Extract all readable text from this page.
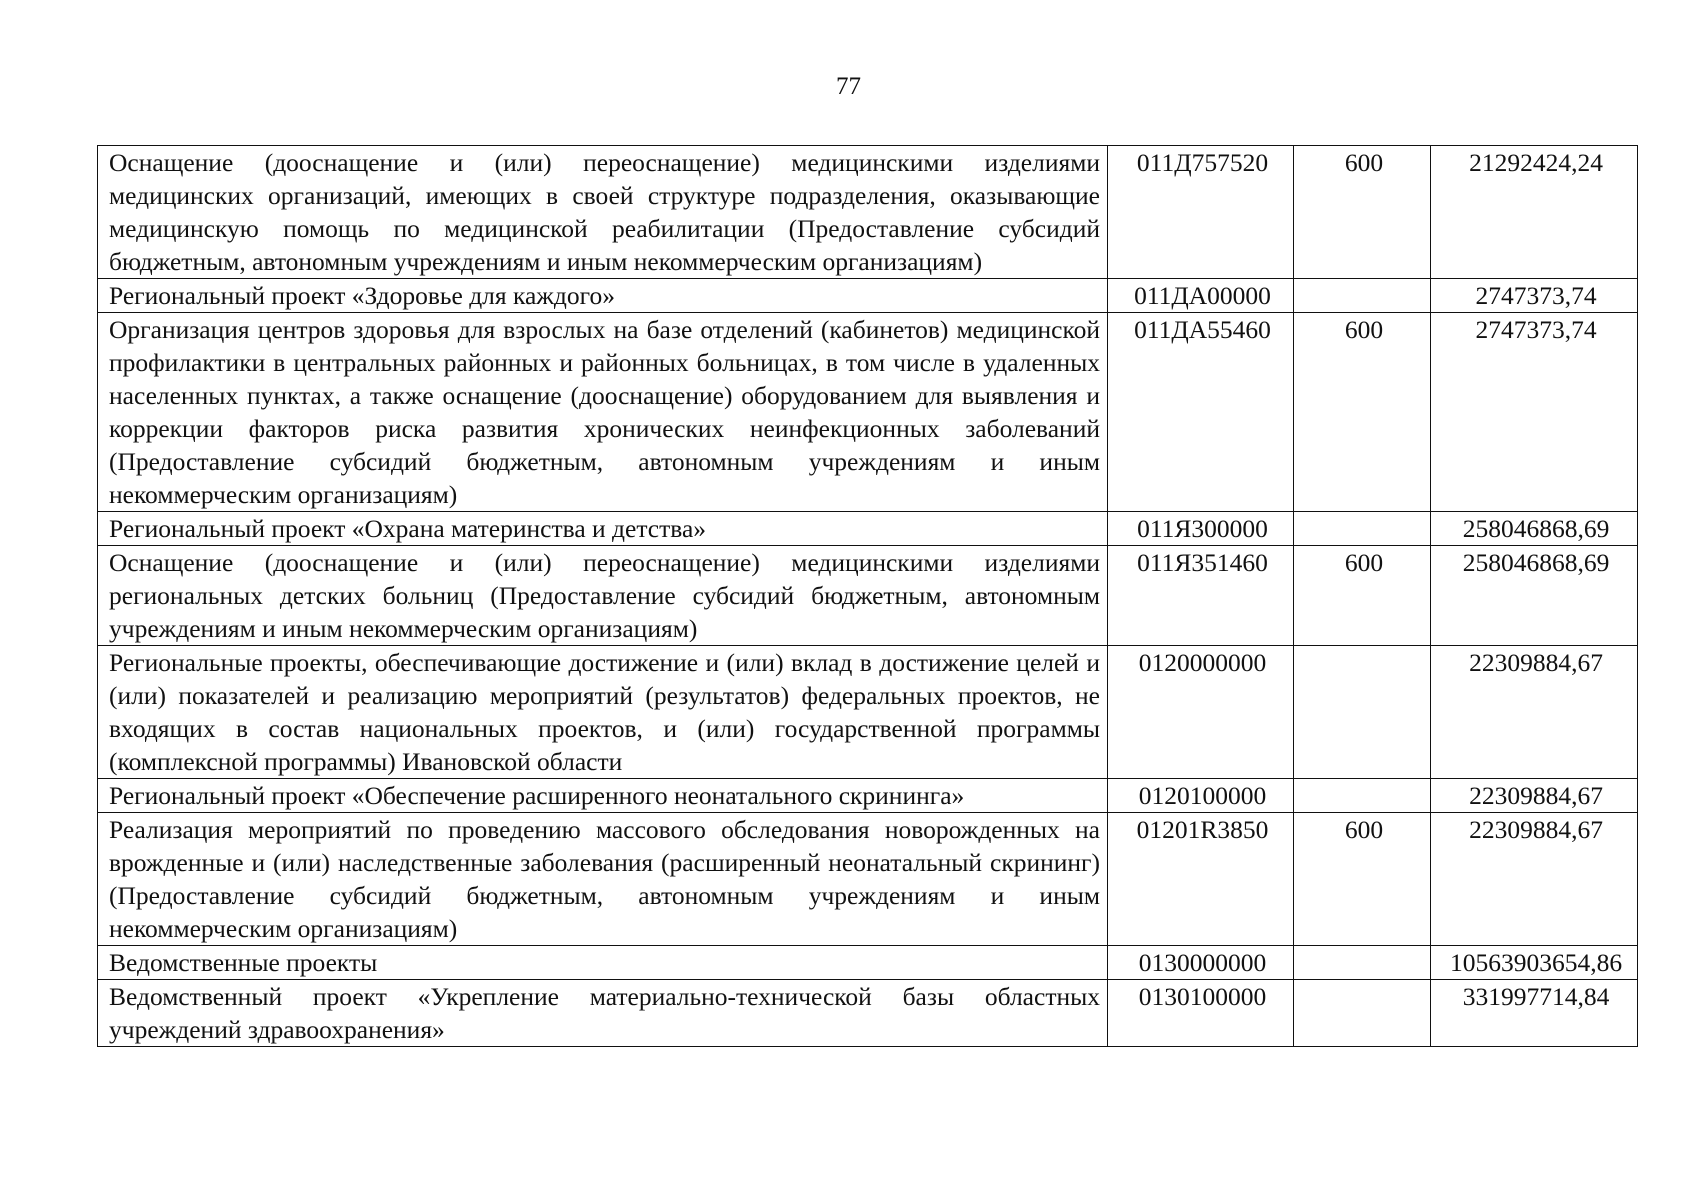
77
Оснащение (дооснащение и (или) переоснащение) медицинскими изделиями медицинских организаций, имеющих в своей структуре подразделения, оказывающие медицинскую помощь по медицинской реабилитации (Предоставление субсидий бюджетным, автономным учреждениям и иным некоммерческим организациям)	011Д757520	600	21292424,24
Региональный проект «Здоровье для каждого»	011ДА00000		2747373,74
Организация центров здоровья для взрослых на базе отделений (кабинетов) медицинской профилактики в центральных районных и районных больницах, в том числе в удаленных населенных пунктах, а также оснащение (дооснащение) оборудованием для выявления и коррекции факторов риска развития хронических неинфекционных заболеваний (Предоставление субсидий бюджетным, автономным учреждениям и иным некоммерческим организациям)	011ДА55460	600	2747373,74
Региональный проект «Охрана материнства и детства»	011Я300000		258046868,69
Оснащение (дооснащение и (или) переоснащение) медицинскими изделиями региональных детских больниц (Предоставление субсидий бюджетным, автономным учреждениям и иным некоммерческим организациям)	011Я351460	600	258046868,69
Региональные проекты, обеспечивающие достижение и (или) вклад в достижение целей и (или) показателей и реализацию мероприятий (результатов) федеральных проектов, не входящих в состав национальных проектов, и (или) государственной программы (комплексной программы) Ивановской области	0120000000		22309884,67
Региональный проект «Обеспечение расширенного неонатального скрининга»	0120100000		22309884,67
Реализация мероприятий по проведению массового обследования новорожденных на врожденные и (или) наследственные заболевания (расширенный неонатальный скрининг) (Предоставление субсидий бюджетным, автономным учреждениям и иным некоммерческим организациям)	01201R3850	600	22309884,67
Ведомственные проекты	0130000000		10563903654,86
Ведомственный проект «Укрепление материально-технической базы областных учреждений здравоохранения»	0130100000		331997714,84
